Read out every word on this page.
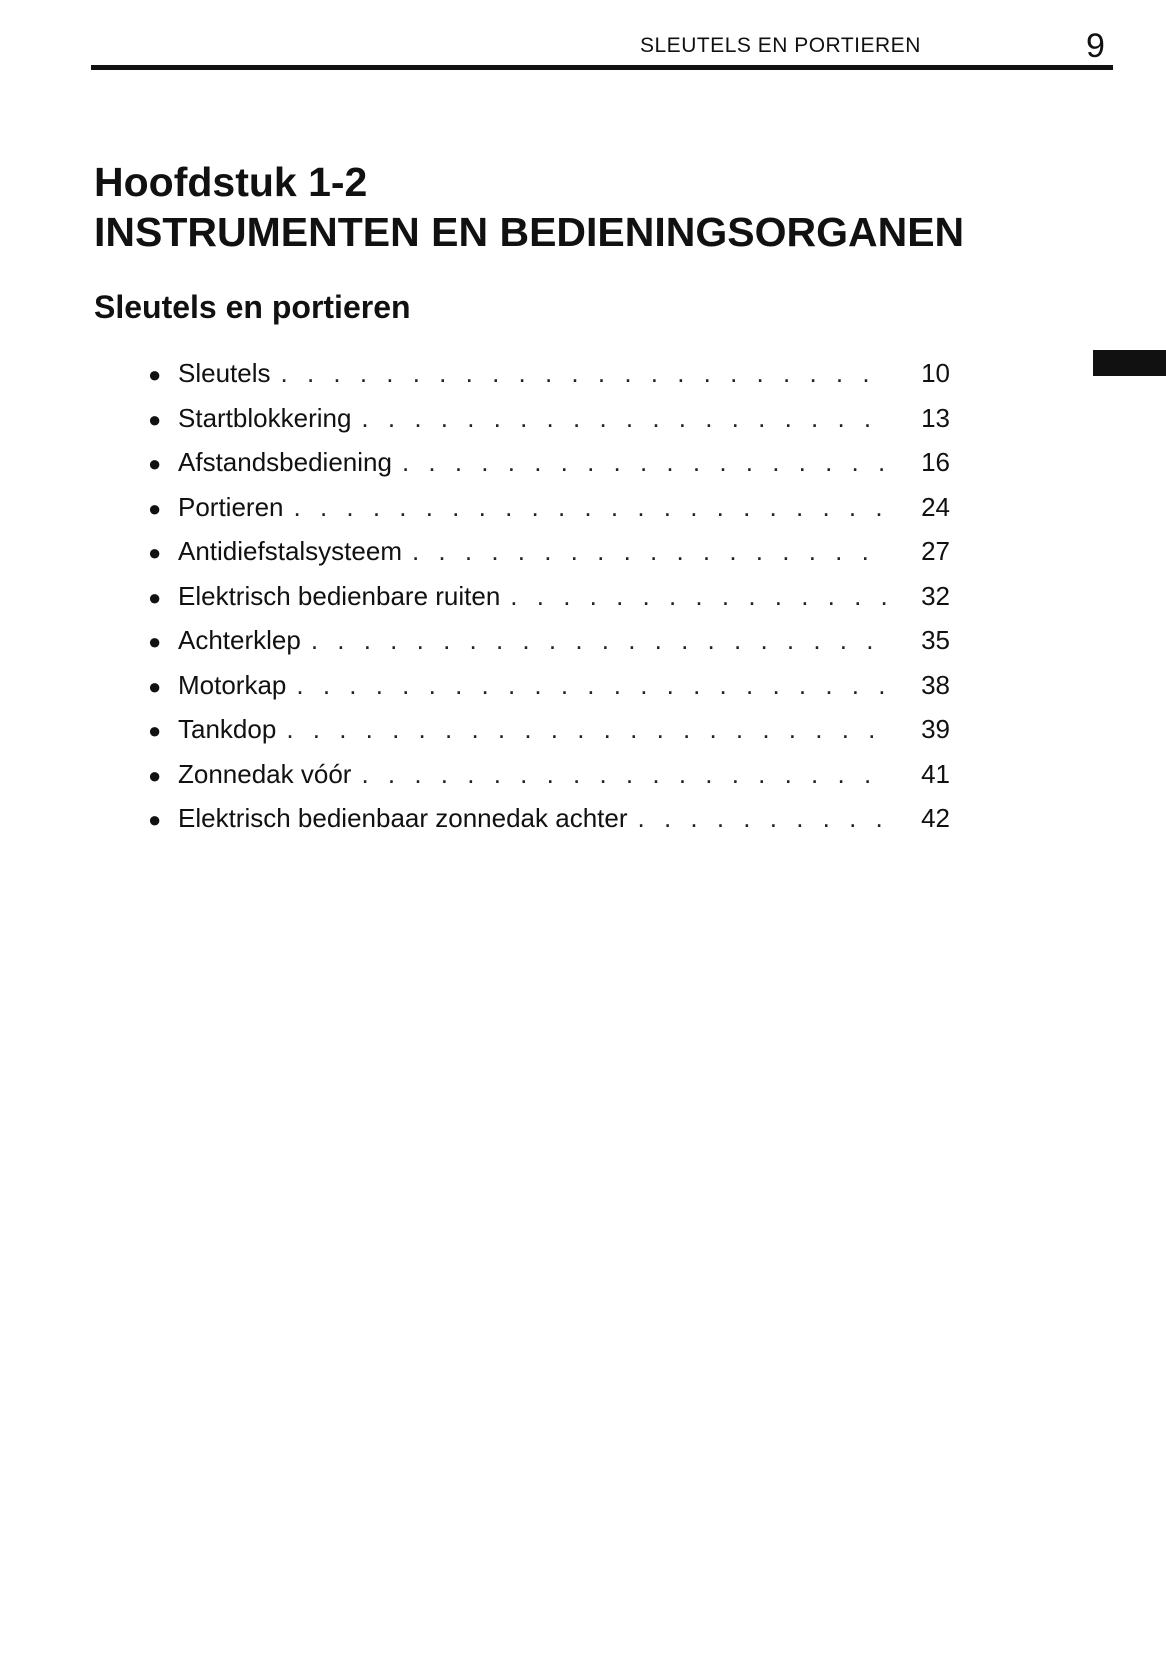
SLEUTELS EN PORTIEREN	9
Hoofdstuk 1-2
INSTRUMENTEN EN BEDIENINGSORGANEN
Sleutels en portieren
● Sleutels . . .	10
● Startblokkering . . .	13
● Afstandsbediening . . .	16
● Portieren . . .	24
● Antidiefstalsysteem . . .	27
● Elektrisch bedienbare ruiten . . .	32
● Achterklep . . .	35
● Motorkap . . .	38
● Tankdop . . .	39
● Zonnedak vóór . . .	41
● Elektrisch bedienbaar zonnedak achter . . .	42
